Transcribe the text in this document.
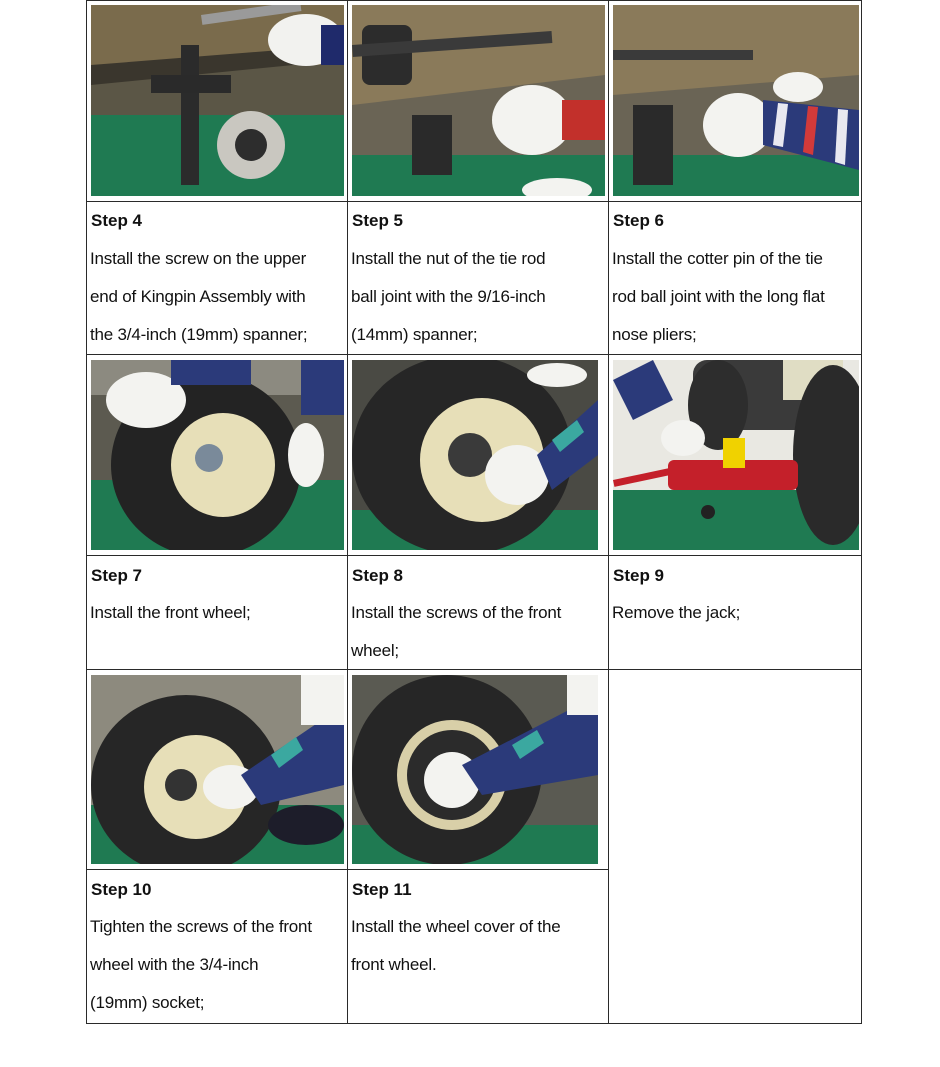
Step 4
Install the screw on the upper
end of Kingpin Assembly with
the 3/4-inch (19mm) spanner;
Step 5
Install the nut of the tie rod
ball joint with the 9/16-inch
(14mm) spanner;
Step 6
Install the cotter pin of the tie
rod ball joint with the long flat
nose pliers;
Step 7
Install the front wheel;
Step 8
Install the screws of the front
wheel;
Step 9
Remove the jack;
Step 10
Tighten the screws of the front
wheel with the 3/4-inch
(19mm) socket;
Step 11
Install the wheel cover of the
front wheel.
